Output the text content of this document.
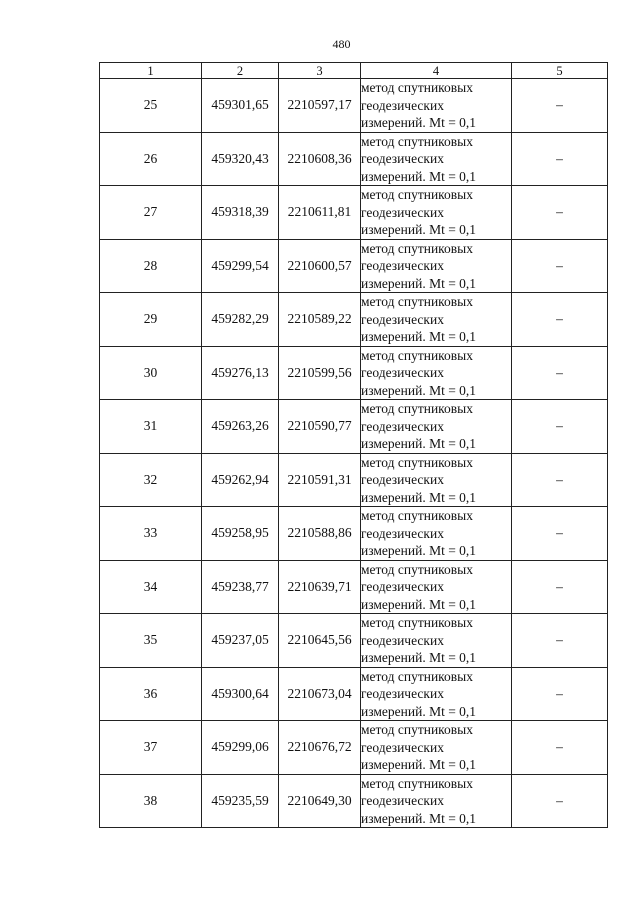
480
1	2	3	4	5
25	459301,65	2210597,17	метод спутниковых
геодезических
измерений. Mt = 0,1	–
26	459320,43	2210608,36	метод спутниковых
геодезических
измерений. Mt = 0,1	–
27	459318,39	2210611,81	метод спутниковых
геодезических
измерений. Mt = 0,1	–
28	459299,54	2210600,57	метод спутниковых
геодезических
измерений. Mt = 0,1	–
29	459282,29	2210589,22	метод спутниковых
геодезических
измерений. Mt = 0,1	–
30	459276,13	2210599,56	метод спутниковых
геодезических
измерений. Mt = 0,1	–
31	459263,26	2210590,77	метод спутниковых
геодезических
измерений. Mt = 0,1	–
32	459262,94	2210591,31	метод спутниковых
геодезических
измерений. Mt = 0,1	–
33	459258,95	2210588,86	метод спутниковых
геодезических
измерений. Mt = 0,1	–
34	459238,77	2210639,71	метод спутниковых
геодезических
измерений. Mt = 0,1	–
35	459237,05	2210645,56	метод спутниковых
геодезических
измерений. Mt = 0,1	–
36	459300,64	2210673,04	метод спутниковых
геодезических
измерений. Mt = 0,1	–
37	459299,06	2210676,72	метод спутниковых
геодезических
измерений. Mt = 0,1	–
38	459235,59	2210649,30	метод спутниковых
геодезических
измерений. Mt = 0,1	–
